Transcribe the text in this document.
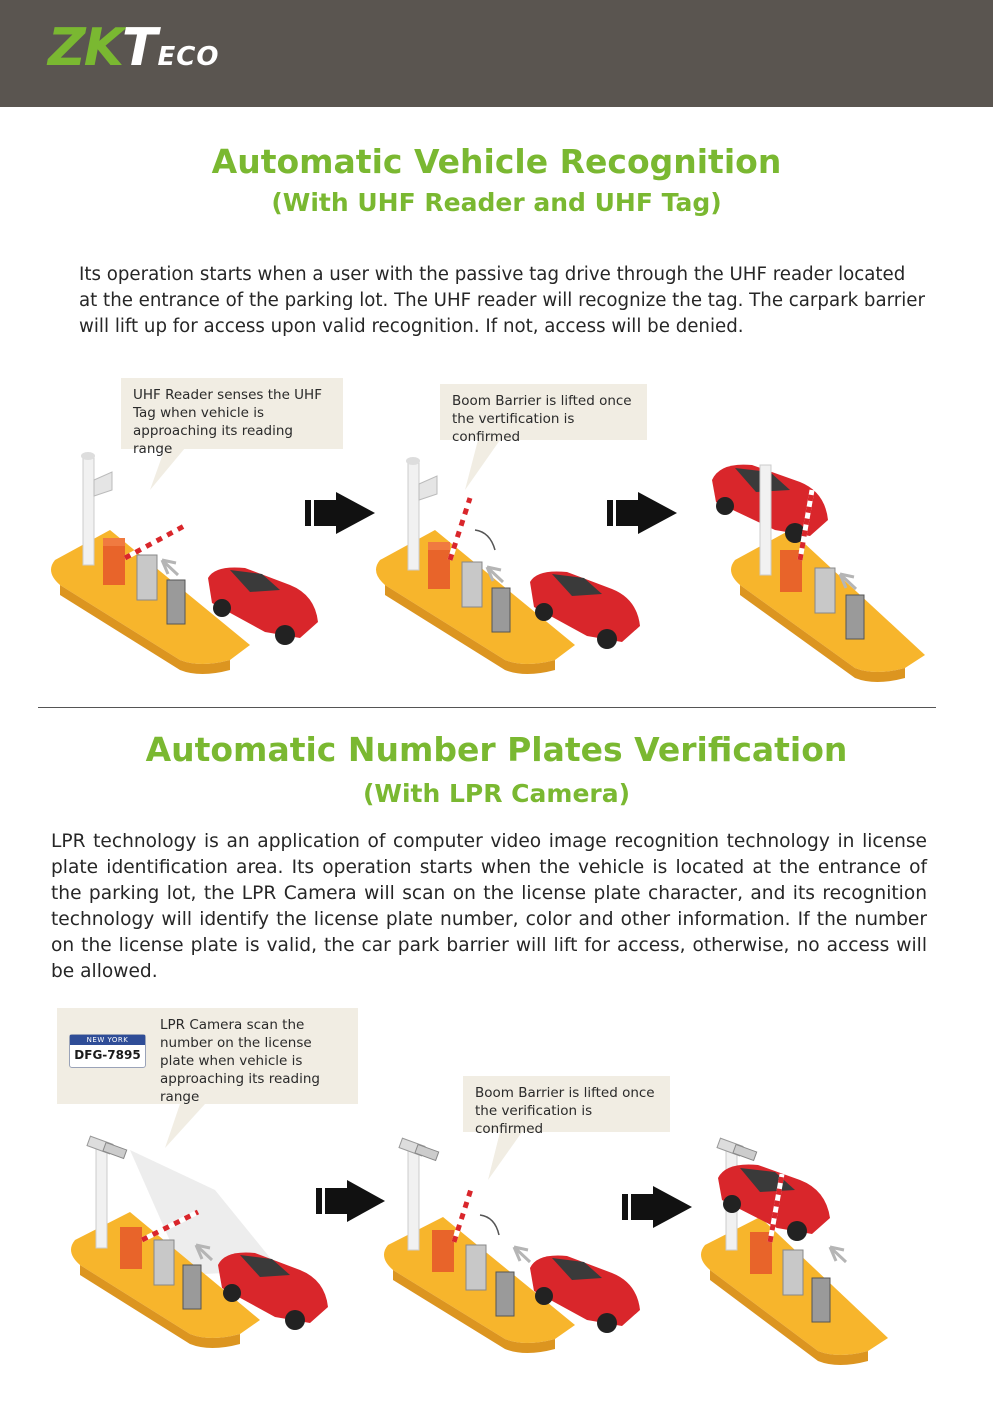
ZK T ECO
Automatic Vehicle Recognition
(With UHF Reader and UHF Tag)
Its operation starts when a user with the passive tag drive through the UHF reader located at the entrance of the parking lot. The UHF reader will recognize the tag. The carpark barrier will lift up for access upon valid recognition. If not, access will be denied.
UHF Reader senses the UHF Tag when vehicle is approaching its reading range
Boom Barrier is lifted once the vertification is confirmed
Automatic Number Plates Verification
(With LPR Camera)
LPR technology is an application of computer video image recognition technology in license plate identification area. Its operation starts when the vehicle is located at the entrance of the parking lot, the LPR Camera will scan on the license plate character, and its recognition technology will identify the license plate number, color and other information. If the number on the license plate is valid, the car park barrier will lift for access, otherwise, no access will be allowed.
LPR Camera scan the number on the license plate when vehicle is approaching its reading range
NEW YORK
DFG-7895
Boom Barrier is lifted once the verification is confirmed
